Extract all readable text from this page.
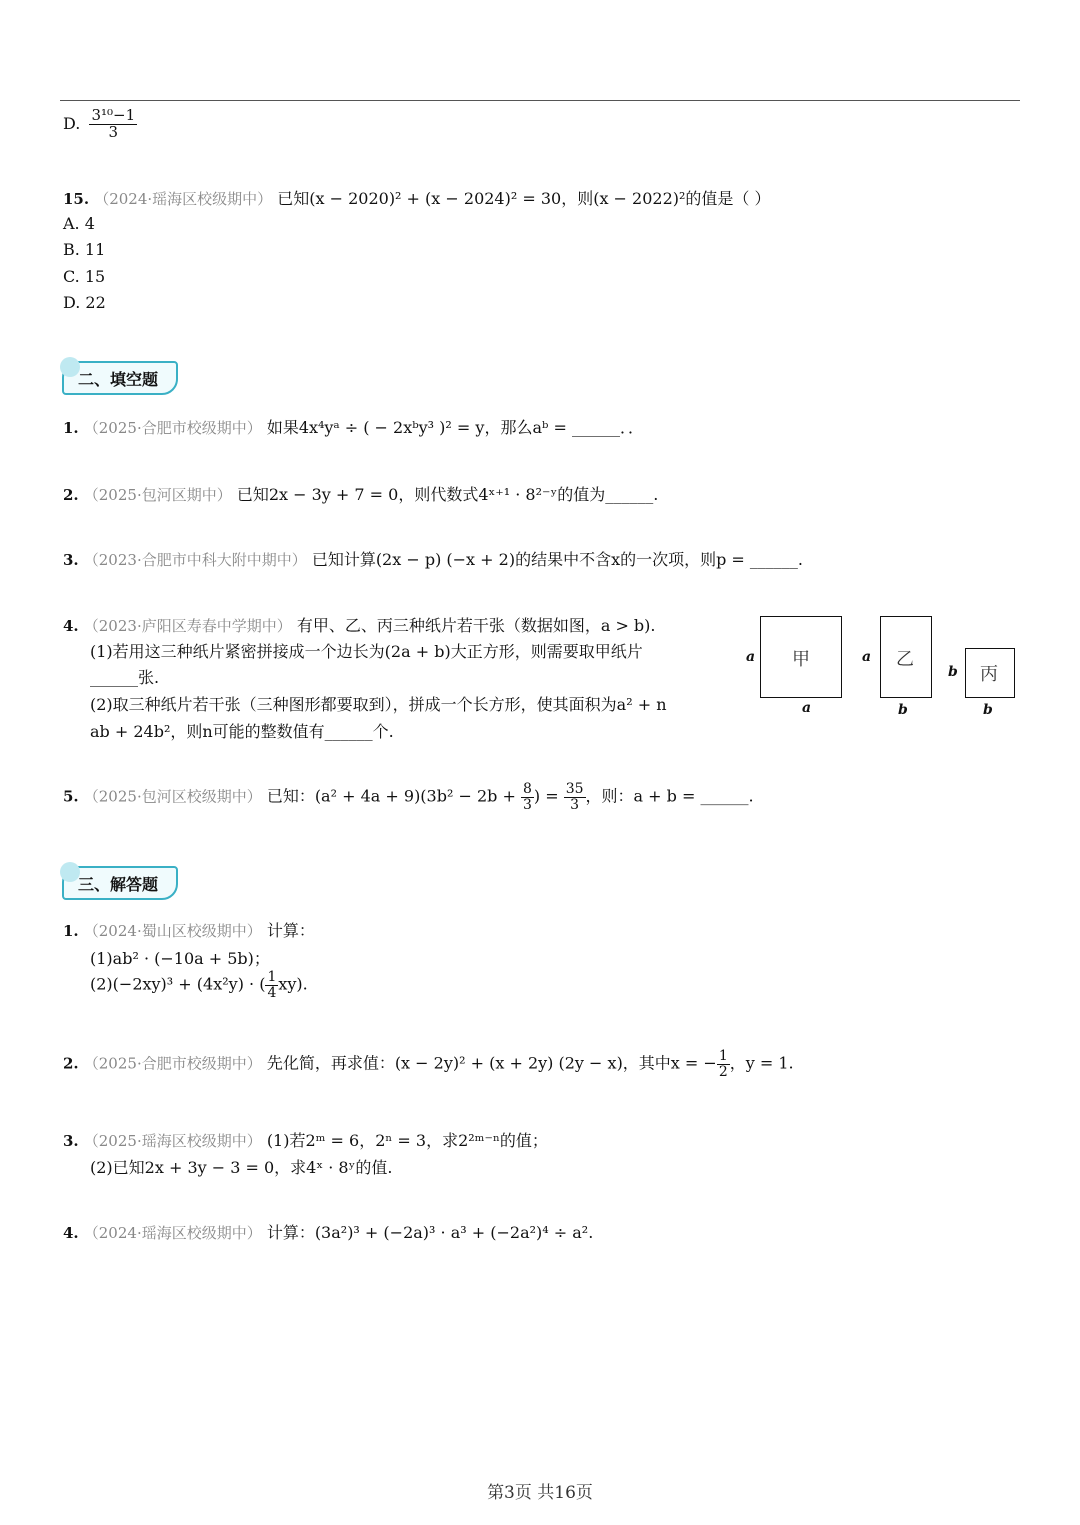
D. $\frac{\text{3¹⁰−1}}{3}$
15. （2024·瑶海区校级期中） 已知(x − 2020)² + (x − 2024)² = 30，则(x − 2022)²的值是（ ）
A. 4
B. 11
C. 15
D. 22
二、填空题
1. （2025·合肥市校级期中） 如果4x⁴yᵃ ÷ ( − 2xᵇy³ )² = y，那么aᵇ = ______．．
2. （2025·包河区期中） 已知2x − 3y + 7 = 0，则代数式4ˣ⁺¹ · 8²⁻ʸ的值为______.
3. （2023·合肥市中科大附中期中） 已知计算(2x − p) (−x + 2)的结果中不含x的一次项，则p = ______.
4. （2023·庐阳区寿春中学期中） 有甲、乙、丙三种纸片若干张（数据如图，a > b).
(1)若用这三种纸片紧密拼接成一个边长为(2a + b)大正方形，则需要取甲纸片
______张.
(2)取三种纸片若干张（三种图形都要取到），拼成一个长方形，使其面积为a² + n
ab + 24b²，则n可能的整数值有______个.
a 甲
a
a 乙
b
b 丙
b
5. （2025·包河区校级期中） 已知：$(a^2 + 4a + 9)(3b^2 - 2b + \frac{8}{3}$ ) = $\frac{35}{3}$ ，则：a + b = ______.
三、解答题
1. （2024·蜀山区校级期中） 计算：
(1)ab² · (−10a + 5b)；
(2)(−2xy)³ + (4x²y) · ( $\frac{1}{4} xy$).
2. （2025·合肥市校级期中） 先化简，再求值：(x − 2y)² + (x + 2y) (2y − x)，其中x = − $\frac{1}{2}$ ，y = 1.
3. （2025·瑶海区校级期中） (1)若2ᵐ = 6，2ⁿ = 3，求2²ᵐ⁻ⁿ的值；
(2)已知2x + 3y − 3 = 0，求4ˣ · 8ʸ的值.
4. （2024·瑶海区校级期中） 计算：(3a²)³ + (−2a)³ · a³ + (−2a²)⁴ ÷ a².
第3页 共16页
